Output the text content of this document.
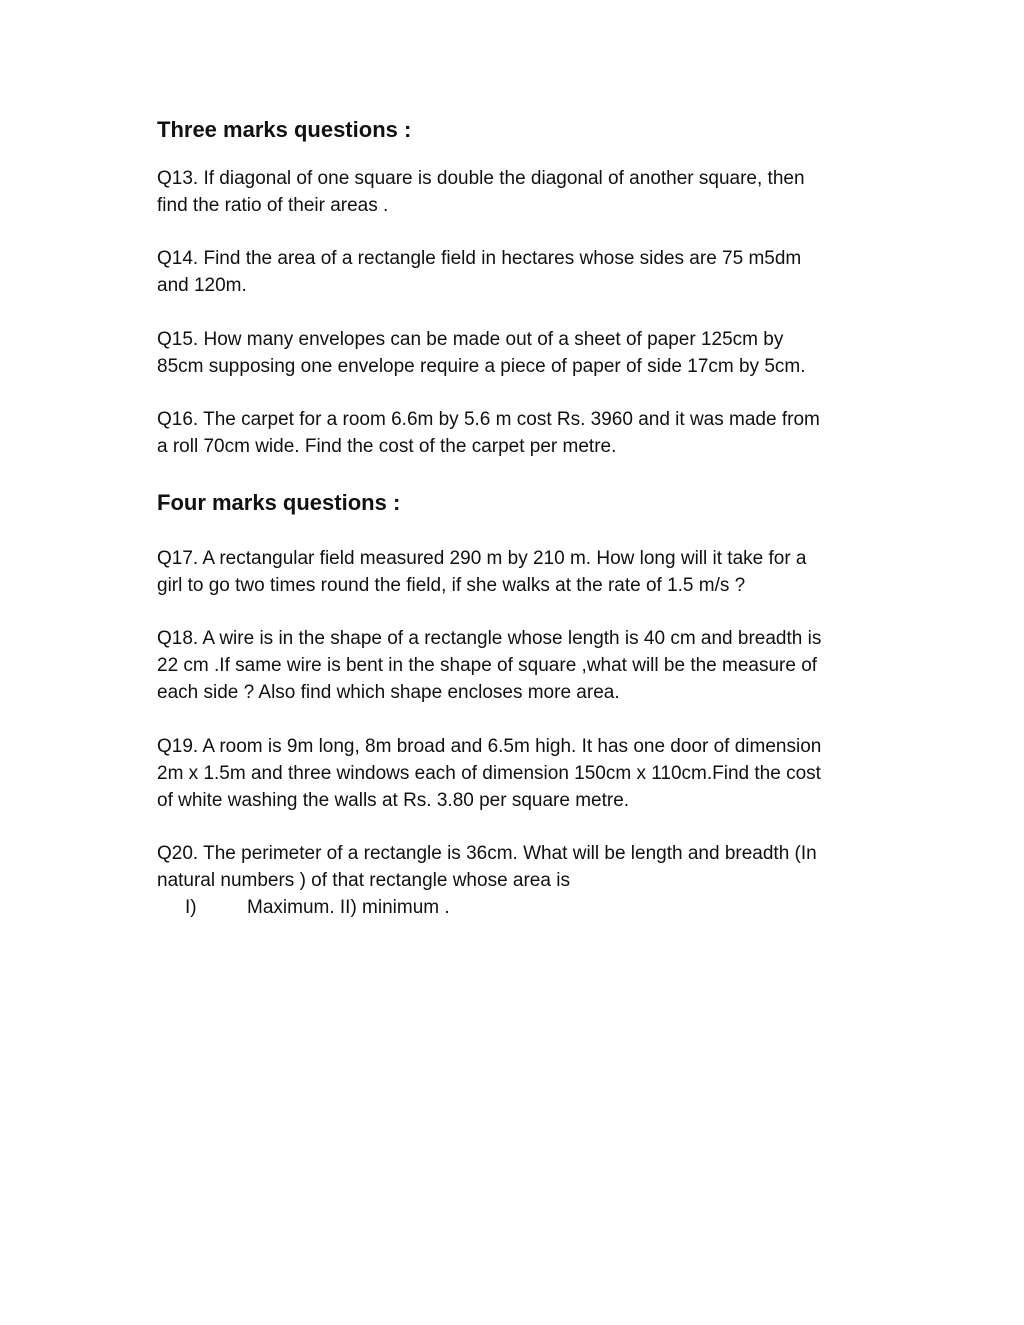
Three marks questions :
Q13. If diagonal of one square is double the diagonal of another square, then
find the ratio of their areas .
Q14. Find the area of a rectangle field in hectares whose sides are 75 m5dm
and 120m.
Q15. How many envelopes can be made out of a sheet of paper 125cm by
85cm supposing one envelope require a piece of paper of side 17cm by 5cm.
Q16. The carpet for a room 6.6m by 5.6 m cost Rs. 3960 and it was made from
a roll 70cm wide. Find the cost of the carpet per metre.
Four marks questions :
Q17. A rectangular field measured 290 m by 210 m. How long will it take for a
girl to go two times round the field, if she walks at the rate of 1.5 m/s ?
Q18. A wire is in the shape of a rectangle whose length is 40 cm and breadth is
22 cm .If same wire is bent in the shape of square ,what will be the measure of
each side ? Also find which shape encloses more area.
Q19. A room is 9m long, 8m broad and 6.5m high. It has one door of dimension
2m x 1.5m and three windows each of dimension 150cm x 110cm.Find the cost
of white washing the walls at Rs. 3.80 per square metre.
Q20. The perimeter of a rectangle is 36cm. What will be length and breadth (In
natural numbers ) of that rectangle whose area is
I)	Maximum. II) minimum .
